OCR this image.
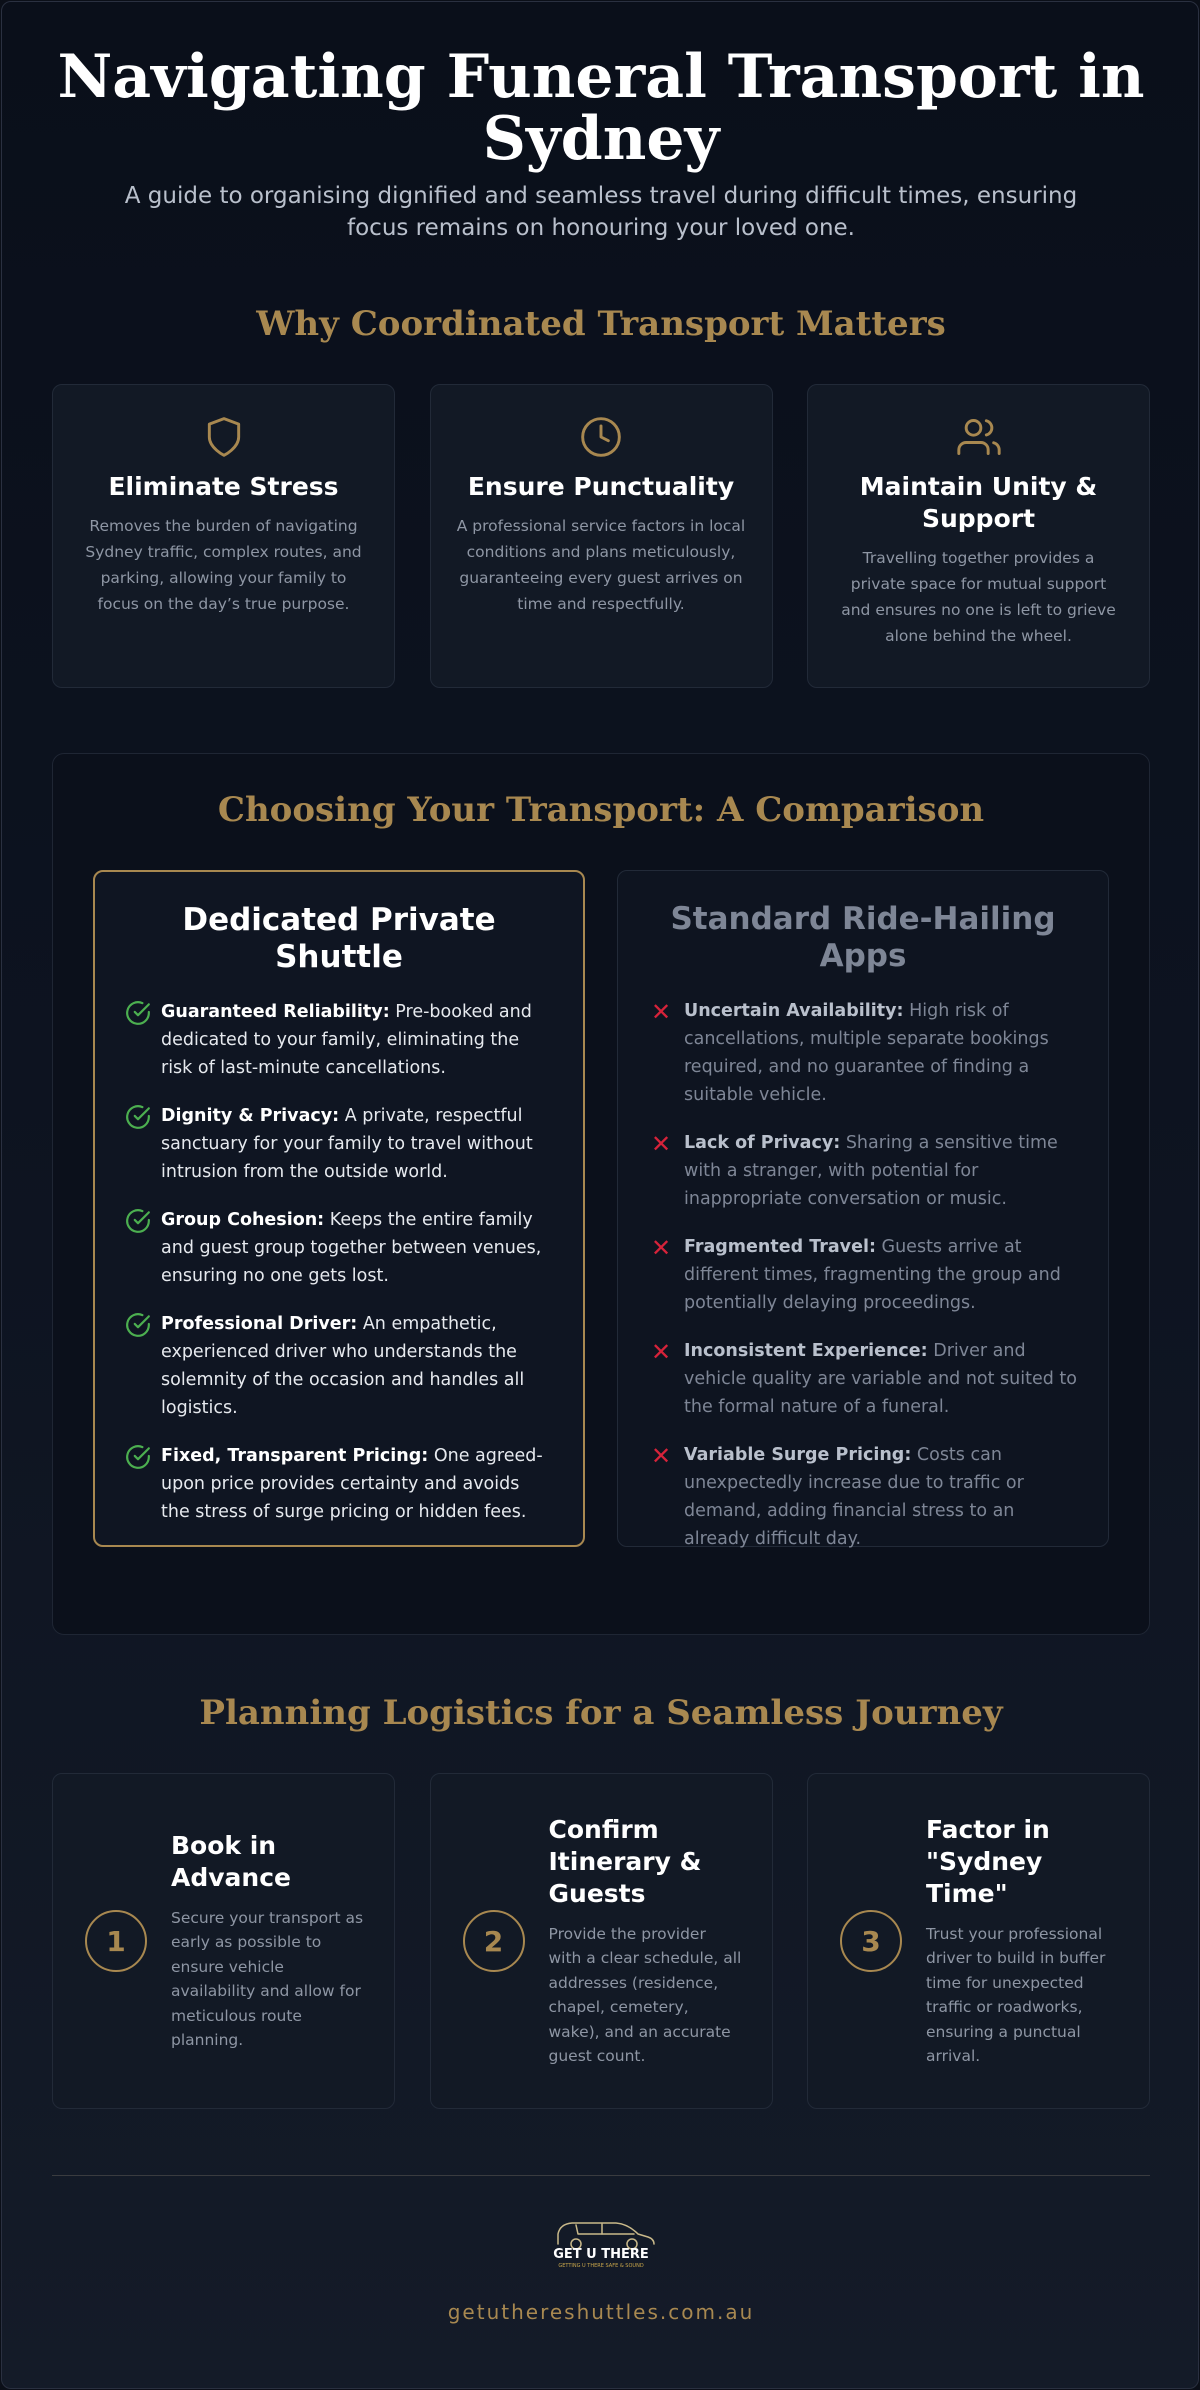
Navigating Funeral Transport in Sydney
A guide to organising dignified and seamless travel during difficult times, ensuring focus remains on honouring your loved one.
Why Coordinated Transport Matters
Eliminate Stress
Removes the burden of navigating Sydney traffic, complex routes, and parking, allowing your family to focus on the day’s true purpose.
Ensure Punctuality
A professional service factors in local conditions and plans meticulously, guaranteeing every guest arrives on time and respectfully.
Maintain Unity & Support
Travelling together provides a private space for mutual support and ensures no one is left to grieve alone behind the wheel.
Choosing Your Transport: A Comparison
Dedicated Private Shuttle
Guaranteed Reliability: Pre-booked and dedicated to your family, eliminating the risk of last-minute cancellations.
Dignity & Privacy: A private, respectful sanctuary for your family to travel without intrusion from the outside world.
Group Cohesion: Keeps the entire family and guest group together between venues, ensuring no one gets lost.
Professional Driver: An empathetic, experienced driver who understands the solemnity of the occasion and handles all logistics.
Fixed, Transparent Pricing: One agreed-upon price provides certainty and avoids the stress of surge pricing or hidden fees.
Standard Ride-Hailing Apps
✕ Uncertain Availability: High risk of cancellations, multiple separate bookings required, and no guarantee of finding a suitable vehicle.
✕ Lack of Privacy: Sharing a sensitive time with a stranger, with potential for inappropriate conversation or music.
✕ Fragmented Travel: Guests arrive at different times, fragmenting the group and potentially delaying proceedings.
✕ Inconsistent Experience: Driver and vehicle quality are variable and not suited to the formal nature of a funeral.
✕ Variable Surge Pricing: Costs can unexpectedly increase due to traffic or demand, adding financial stress to an already difficult day.
Planning Logistics for a Seamless Journey
1
Book in Advance
Secure your transport as early as possible to ensure vehicle availability and allow for meticulous route planning.
2
Confirm Itinerary & Guests
Provide the provider with a clear schedule, all addresses (residence, chapel, cemetery, wake), and an accurate guest count.
3
Factor in "Sydney Time"
Trust your professional driver to build in buffer time for unexpected traffic or roadworks, ensuring a punctual arrival.
GET U THERE
GETTING U THERE SAFE & SOUND
getuthereshuttles.com.au
